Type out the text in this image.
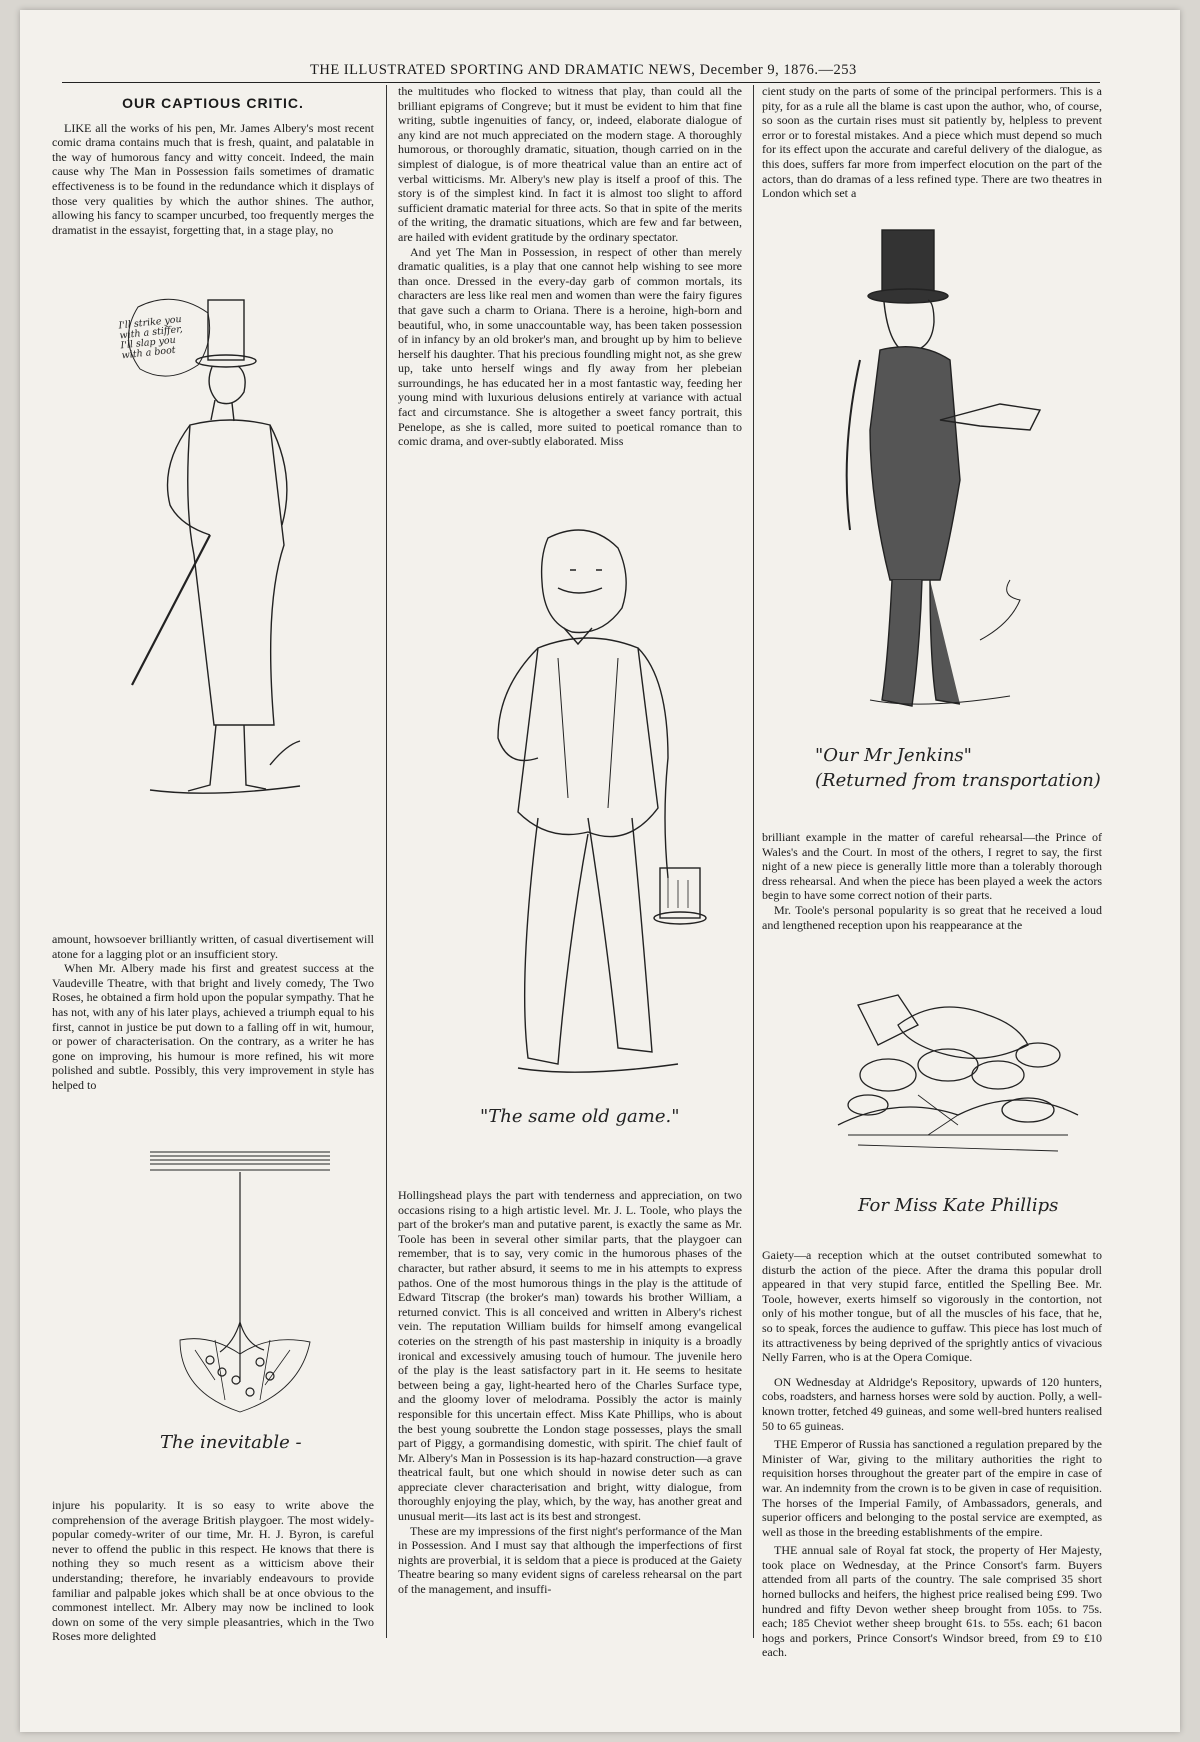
THE ILLUSTRATED SPORTING AND DRAMATIC NEWS, December 9, 1876.—253
OUR CAPTIOUS CRITIC.

LIKE all the works of his pen, Mr. James Albery's most recent comic drama contains much that is fresh, quaint, and palatable in the way of humorous fancy and witty conceit. Indeed, the main cause why The Man in Possession fails sometimes of dramatic effectiveness is to be found in the redundance which it displays of those very qualities by which the author shines. The author, allowing his fancy to scamper uncurbed, too frequently merges the dramatist in the essayist, forgetting that, in a stage play, no

I'll strike you with a stiffer, I'll slap you with a boot

amount, howsoever brilliantly written, of casual divertisement will atone for a lagging plot or an insufficient story.

When Mr. Albery made his first and greatest success at the Vaudeville Theatre, with that bright and lively comedy, The Two Roses, he obtained a firm hold upon the popular sympathy. That he has not, with any of his later plays, achieved a triumph equal to his first, cannot in justice be put down to a falling off in wit, humour, or power of characterisation. On the contrary, as a writer he has gone on improving, his humour is more refined, his wit more polished and subtle. Possibly, this very improvement in style has helped to

The inevitable -

injure his popularity. It is so easy to write above the comprehension of the average British playgoer. The most widely-popular comedy-writer of our time, Mr. H. J. Byron, is careful never to offend the public in this respect. He knows that there is nothing they so much resent as a witticism above their understanding; therefore, he invariably endeavours to provide familiar and palpable jokes which shall be at once obvious to the commonest intellect. Mr. Albery may now be inclined to look down on some of the very simple pleasantries, which in the Two Roses more delighted

the multitudes who flocked to witness that play, than could all the brilliant epigrams of Congreve; but it must be evident to him that fine writing, subtle ingenuities of fancy, or, indeed, elaborate dialogue of any kind are not much appreciated on the modern stage. A thoroughly humorous, or thoroughly dramatic, situation, though carried on in the simplest of dialogue, is of more theatrical value than an entire act of verbal witticisms. Mr. Albery's new play is itself a proof of this. The story is of the simplest kind. In fact it is almost too slight to afford sufficient dramatic material for three acts. So that in spite of the merits of the writing, the dramatic situations, which are few and far between, are hailed with evident gratitude by the ordinary spectator.

And yet The Man in Possession, in respect of other than merely dramatic qualities, is a play that one cannot help wishing to see more than once. Dressed in the every-day garb of common mortals, its characters are less like real men and women than were the fairy figures that gave such a charm to Oriana. There is a heroine, high-born and beautiful, who, in some unaccountable way, has been taken possession of in infancy by an old broker's man, and brought up by him to believe herself his daughter. That his precious foundling might not, as she grew up, take unto herself wings and fly away from her plebeian surroundings, he has educated her in a most fantastic way, feeding her young mind with luxurious delusions entirely at variance with actual fact and circumstance. She is altogether a sweet fancy portrait, this Penelope, as she is called, more suited to poetical romance than to comic drama, and over-subtly elaborated. Miss

"The same old game."

Hollingshead plays the part with tenderness and appreciation, on two occasions rising to a high artistic level. Mr. J. L. Toole, who plays the part of the broker's man and putative parent, is exactly the same as Mr. Toole has been in several other similar parts, that the playgoer can remember, that is to say, very comic in the humorous phases of the character, but rather absurd, it seems to me in his attempts to express pathos. One of the most humorous things in the play is the attitude of Edward Titscrap (the broker's man) towards his brother William, a returned convict. This is all conceived and written in Albery's richest vein. The reputation William builds for himself among evangelical coteries on the strength of his past mastership in iniquity is a broadly ironical and excessively amusing touch of humour. The juvenile hero of the play is the least satisfactory part in it. He seems to hesitate between being a gay, light-hearted hero of the Charles Surface type, and the gloomy lover of melodrama. Possibly the actor is mainly responsible for this uncertain effect. Miss Kate Phillips, who is about the best young soubrette the London stage possesses, plays the small part of Piggy, a gormandising domestic, with spirit. The chief fault of Mr. Albery's Man in Possession is its hap-hazard construction—a grave theatrical fault, but one which should in nowise deter such as can appreciate clever characterisation and bright, witty dialogue, from thoroughly enjoying the play, which, by the way, has another great and unusual merit—its last act is its best and strongest.

These are my impressions of the first night's performance of the Man in Possession. And I must say that although the imperfections of first nights are proverbial, it is seldom that a piece is produced at the Gaiety Theatre bearing so many evident signs of careless rehearsal on the part of the management, and insuffi-

cient study on the parts of some of the principal performers. This is a pity, for as a rule all the blame is cast upon the author, who, of course, so soon as the curtain rises must sit patiently by, helpless to prevent error or to forestal mistakes. And a piece which must depend so much for its effect upon the accurate and careful delivery of the dialogue, as this does, suffers far more from imperfect elocution on the part of the actors, than do dramas of a less refined type. There are two theatres in London which set a

"Our Mr Jenkins"
(Returned from transportation)

brilliant example in the matter of careful rehearsal—the Prince of Wales's and the Court. In most of the others, I regret to say, the first night of a new piece is generally little more than a tolerably thorough dress rehearsal. And when the piece has been played a week the actors begin to have some correct notion of their parts.

Mr. Toole's personal popularity is so great that he received a loud and lengthened reception upon his reappearance at the

For Miss Kate Phillips

Gaiety—a reception which at the outset contributed somewhat to disturb the action of the piece. After the drama this popular droll appeared in that very stupid farce, entitled the Spelling Bee. Mr. Toole, however, exerts himself so vigorously in the contortion, not only of his mother tongue, but of all the muscles of his face, that he, so to speak, forces the audience to guffaw. This piece has lost much of its attractiveness by being deprived of the sprightly antics of vivacious Nelly Farren, who is at the Opera Comique.

ON Wednesday at Aldridge's Repository, upwards of 120 hunters, cobs, roadsters, and harness horses were sold by auction. Polly, a well-known trotter, fetched 49 guineas, and some well-bred hunters realised 50 to 65 guineas.

THE Emperor of Russia has sanctioned a regulation prepared by the Minister of War, giving to the military authorities the right to requisition horses throughout the greater part of the empire in case of war. An indemnity from the crown is to be given in case of requisition. The horses of the Imperial Family, of Ambassadors, generals, and superior officers and belonging to the postal service are exempted, as well as those in the breeding establishments of the empire.

THE annual sale of Royal fat stock, the property of Her Majesty, took place on Wednesday, at the Prince Consort's farm. Buyers attended from all parts of the country. The sale comprised 35 short horned bullocks and heifers, the highest price realised being £99. Two hundred and fifty Devon wether sheep brought from 105s. to 75s. each; 185 Cheviot wether sheep brought 61s. to 55s. each; 61 bacon hogs and porkers, Prince Consort's Windsor breed, from £9 to £10 each.
